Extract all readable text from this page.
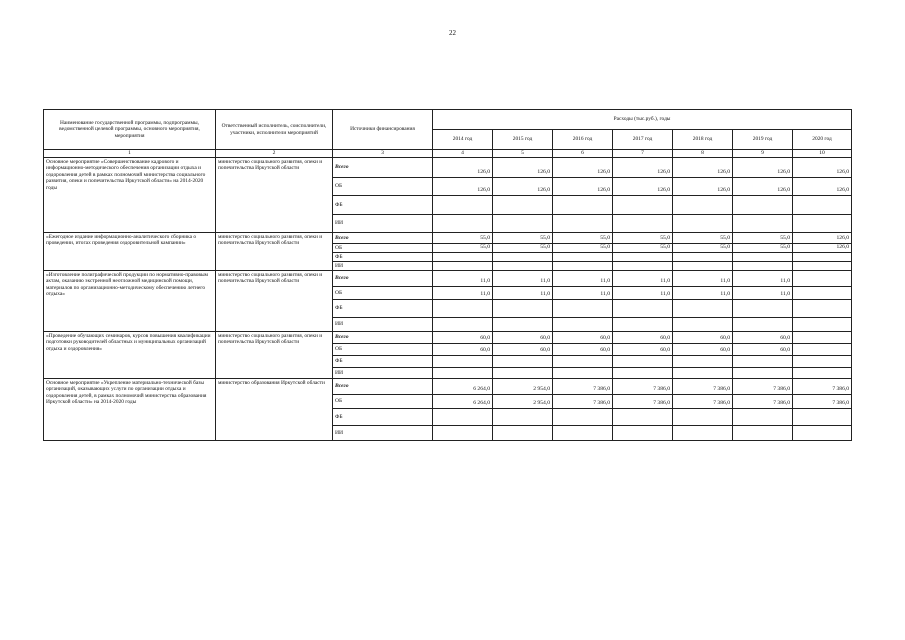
22
Наименование государственной программы, подпрограммы, ведомственной целевой программы, основного мероприятия, мероприятия	Ответственный исполнитель, соисполнители, участники, исполнители мероприятий	Источники финансирования	Расходы (тыс.руб.), годы						
			2014 год	2015 год	2016 год	2017 год	2018 год	2019 год	2020 год
1	2	3	4	5	6	7	8	9	10
Основное мероприятие «Совершенствование кадрового и информационно-методического обеспечения организации отдыха и оздоровления детей в рамках полномочий министерства социального развития, опеки и попечительства Иркутской области» на 2014-2020 годы	министерство социального развития, опеки и попечительства Иркутской области	Всего	126,0	126,0	126,0	126,0	126,0	126,0	126,0
		ОБ	126,0	126,0	126,0	126,0	126,0	126,0	126,0
		ФБ							
		ИИ							
«Ежегодное издание информационно-аналитического сборника о проведении, итогах проведения оздоровительной кампании»	министерство социального развития, опеки и попечительства Иркутской области	Всего	55,0	55,0	55,0	55,0	55,0	55,0	126,0
		ОБ	55,0	55,0	55,0	55,0	55,0	55,0	126,0
		ФБ							
		ИИ							
«Изготовление полиграфической продукции по нормативно-правовым актам, оказанию экстренной неотложной медицинской помощи, материалов по организационно-методическому обеспечению летнего отдыха»	министерство социального развития, опеки и попечительства Иркутской области	Всего	11,0	11,0	11,0	11,0	11,0	11,0	
		ОБ	11,0	11,0	11,0	11,0	11,0	11,0	
		ФБ							
		ИИ							
«Проведение обучающих семинаров, курсов повышения квалификации подготовки руководителей областных и муниципальных организаций отдыха и оздоровления»	министерство социального развития, опеки и попечительства Иркутской области	Всего	60,0	60,0	60,0	60,0	60,0	60,0	
		ОБ	60,0	60,0	60,0	60,0	60,0	60,0	
		ФБ							
		ИИ							
Основное мероприятие «Укрепление материально-технической базы организаций, оказывающих услуги по организации отдыха и оздоровления детей, в рамках полномочий министерства образования Иркутской области» на 2014-2020 годы	министерство образования Иркутской области	Всего	6 264,0	2 954,0	7 386,0	7 386,0	7 386,0	7 386,0	7 386,0
		ОБ	6 264,0	2 954,0	7 386,0	7 386,0	7 386,0	7 386,0	7 386,0
		ФБ							
		ИИ							
